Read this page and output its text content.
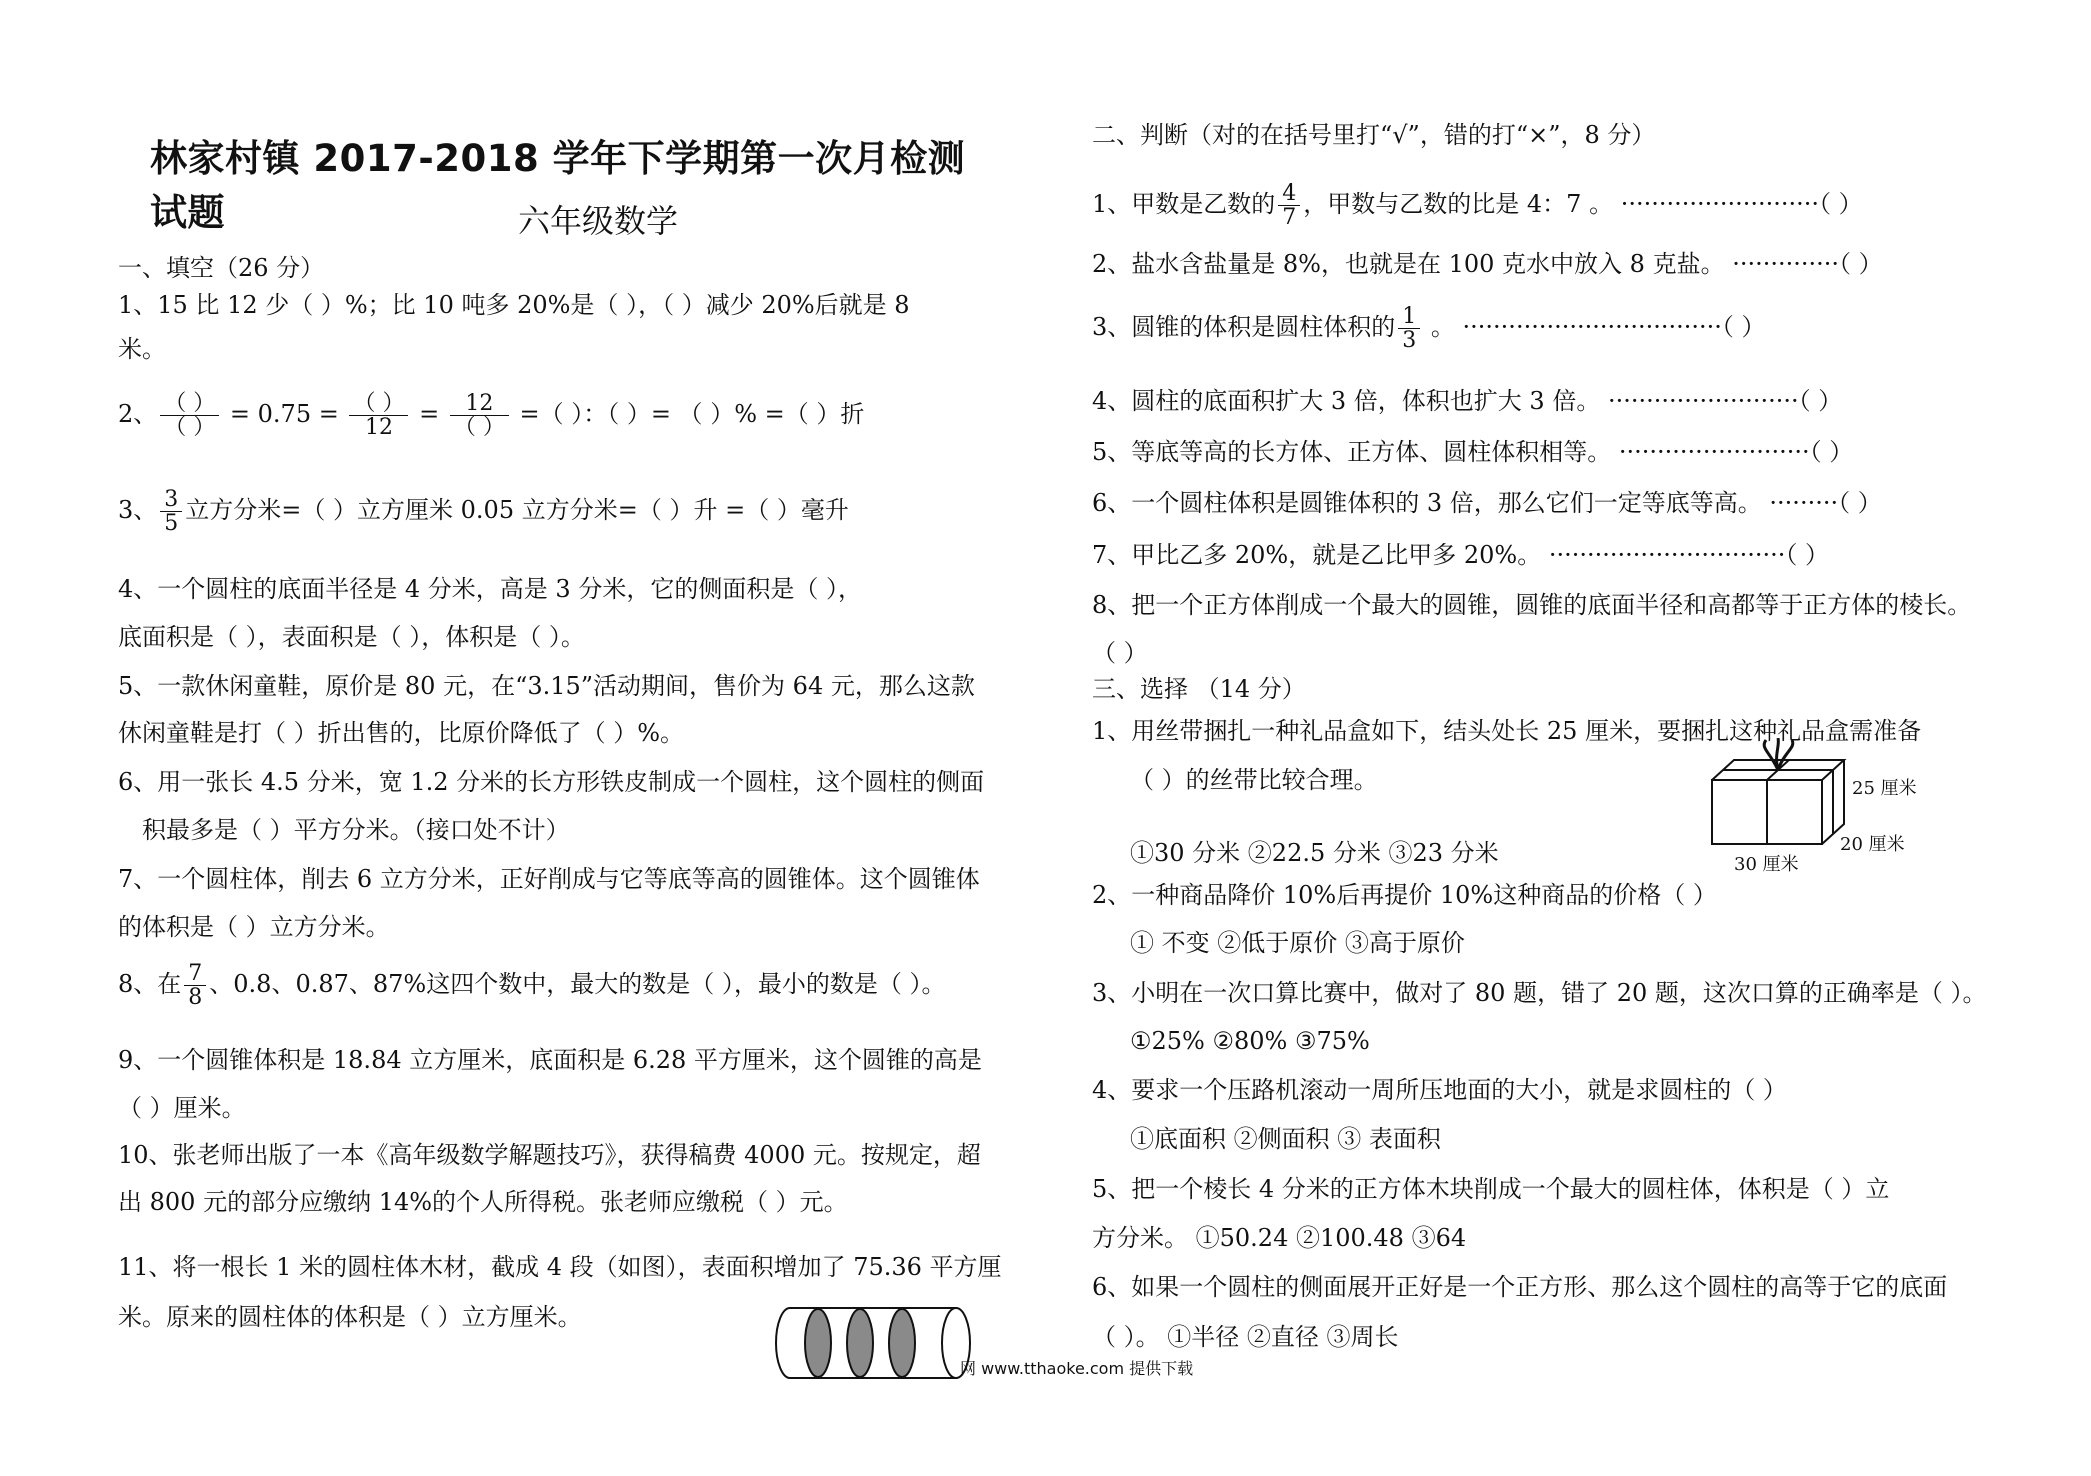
林家村镇 2017-2018 学年下学期第一次月检测试题	六年级数学
一、填空（26 分）
1、15 比 12 少（ ）%；比 10 吨多 20%是（ ），（ ）减少 20%后就是 8
米。
2、 $\frac{( )}{( )} = 0.75 = \frac{( )}{12} = \frac{12}{( )}$ =（ ）：（ ）= （ ）% =（ ）折
3、 $\frac{3}{5}$ 立方分米=（ ）立方厘米 0.05 立方分米=（ ）升 =（ ）毫升
4、一个圆柱的底面半径是 4 分米，高是 3 分米，它的侧面积是（ ），
底面积是（ ），表面积是（ ），体积是（ ）。
5、一款休闲童鞋，原价是 80 元，在“3.15”活动期间，售价为 64 元，那么这款
休闲童鞋是打（ ）折出售的，比原价降低了（ ）%。
6、用一张长 4.5 分米，宽 1.2 分米的长方形铁皮制成一个圆柱，这个圆柱的侧面
积最多是（ ）平方分米。（接口处不计）
7、一个圆柱体，削去 6 立方分米，正好削成与它等底等高的圆锥体。这个圆锥体
的体积是（ ）立方分米。
8、在 $\frac{7}{8}$ 、0.8、0.87、87%这四个数中，最大的数是（ ），最小的数是（ ）。
9、一个圆锥体积是 18.84 立方厘米，底面积是 6.28 平方厘米，这个圆锥的高是
（ ）厘米。
10、张老师出版了一本《高年级数学解题技巧》，获得稿费 4000 元。按规定，超
出 800 元的部分应缴纳 14%的个人所得税。张老师应缴税（ ）元。
11、将一根长 1 米的圆柱体木材，截成 4 段（如图），表面积增加了 75.36 平方厘
米。原来的圆柱体的体积是（ ）立方厘米。
二、判断（对的在括号里打“√”，错的打“×”，8 分）
1、甲数是乙数的 $\frac{4}{7}$ ，甲数与乙数的比是 4：7 。 ··························（ ）
2、盐水含盐量是 8%，也就是在 100 克水中放入 8 克盐。 ··············（ ）
3、圆锥的体积是圆柱体积的 $\frac{1}{3}$ 。 ··································（ ）
4、圆柱的底面积扩大 3 倍，体积也扩大 3 倍。 ·························（ ）
5、等底等高的长方体、正方体、圆柱体积相等。 ·························（ ）
6、一个圆柱体积是圆锥体积的 3 倍，那么它们一定等底等高。 ·········（ ）
7、甲比乙多 20%，就是乙比甲多 20%。 ·······························（ ）
8、把一个正方体削成一个最大的圆锥，圆锥的底面半径和高都等于正方体的棱长。
（ ）
三、选择 （14 分）
1、用丝带捆扎一种礼品盒如下，结头处长 25 厘米，要捆扎这种礼品盒需准备
（ ）的丝带比较合理。
①30 分米 ②22.5 分米 ③23 分米
25 厘米
20 厘米
30 厘米
2、一种商品降价 10%后再提价 10%这种商品的价格（ ）
① 不变 ②低于原价 ③高于原价
3、小明在一次口算比赛中，做对了 80 题，错了 20 题，这次口算的正确率是（ ）。
①25% ②80% ③75%
4、要求一个压路机滚动一周所压地面的大小，就是求圆柱的（ ）
①底面积 ②侧面积 ③ 表面积
5、把一个棱长 4 分米的正方体木块削成一个最大的圆柱体，体积是（ ）立
方分米。 ①50.24 ②100.48 ③64
6、如果一个圆柱的侧面展开正好是一个正方形、那么这个圆柱的高等于它的底面
（ ）。 ①半径 ②直径 ③周长
网 www.tthaoke.com 提供下载
